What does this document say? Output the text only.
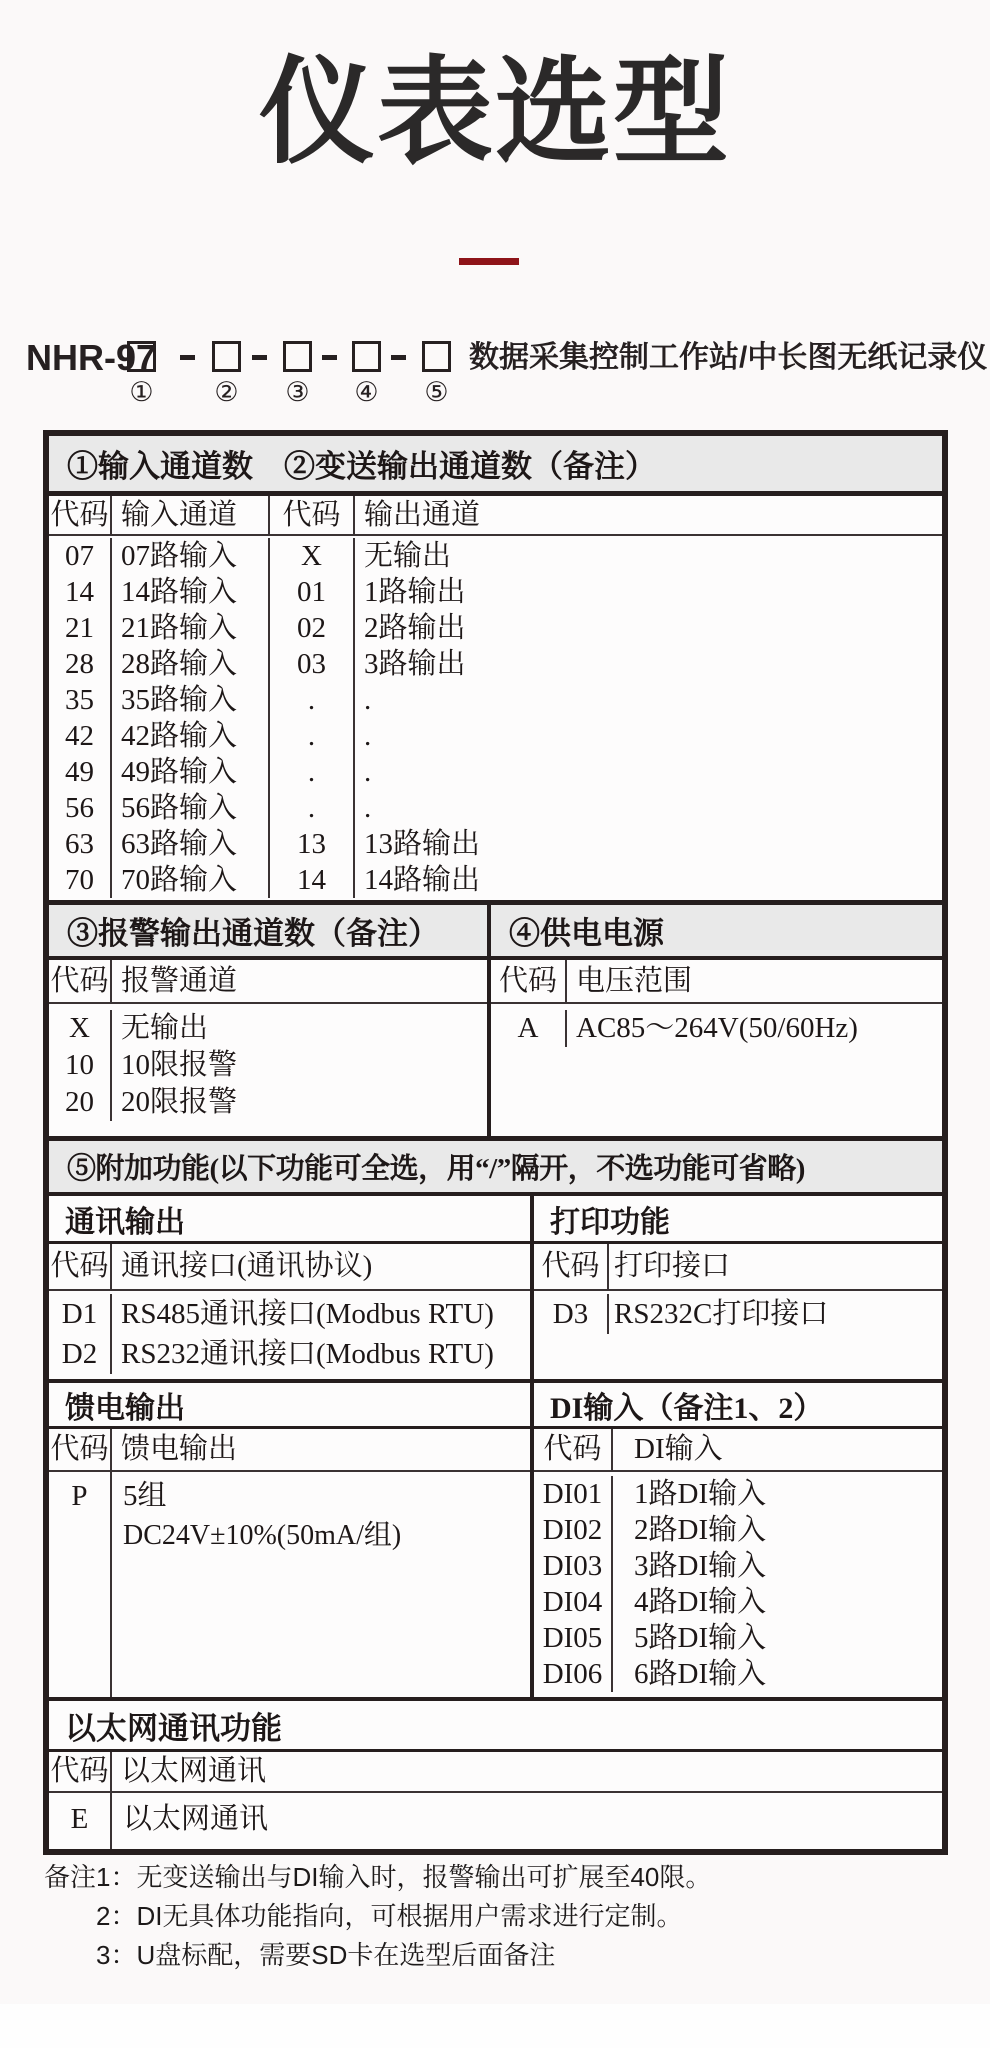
仪表选型
NHR-97
① ② ③ ④ ⑤
数据采集控制工作站/中长图无纸记录仪
①输入通道数　②变送输出通道数（备注）
代码 输入通道	代码 输出通道
07 07路输入	X	无输出
14 14路输入	01	1路输出
21 21路输入	02	2路输出
28 28路输入	03	3路输出
35 35路输入	.	.
42 42路输入	.	.
49 49路输入	.	.
56 56路输入	.	.
63 63路输入	13	13路输出
70 70路输入	14	14路输出
③报警输出通道数（备注）
代码 报警通道
X	无输出
10 10限报警
20 20限报警
④供电电源
代码 电压范围
A	AC85～264V(50/60Hz)
⑤附加功能(以下功能可全选，用“/”隔开，不选功能可省略)
通讯输出
代码 通讯接口(通讯协议)
D1 RS485通讯接口(Modbus RTU)
D2 RS232通讯接口(Modbus RTU)
打印功能
代码 打印接口
D3 RS232C打印接口
馈电输出
代码 馈电输出
P	5组
DC24V±10%(50mA/组)
DI输入（备注1、2）
代码	DI输入
DI01	1路DI输入
DI02	2路DI输入
DI03	3路DI输入
DI04	4路DI输入
DI05	5路DI输入
DI06	6路DI输入
以太网通讯功能
代码 以太网通讯
E	以太网通讯
备注1：无变送输出与DI输入时，报警输出可扩展至40限。
2：DI无具体功能指向，可根据用户需求进行定制。
3：U盘标配，需要SD卡在选型后面备注
